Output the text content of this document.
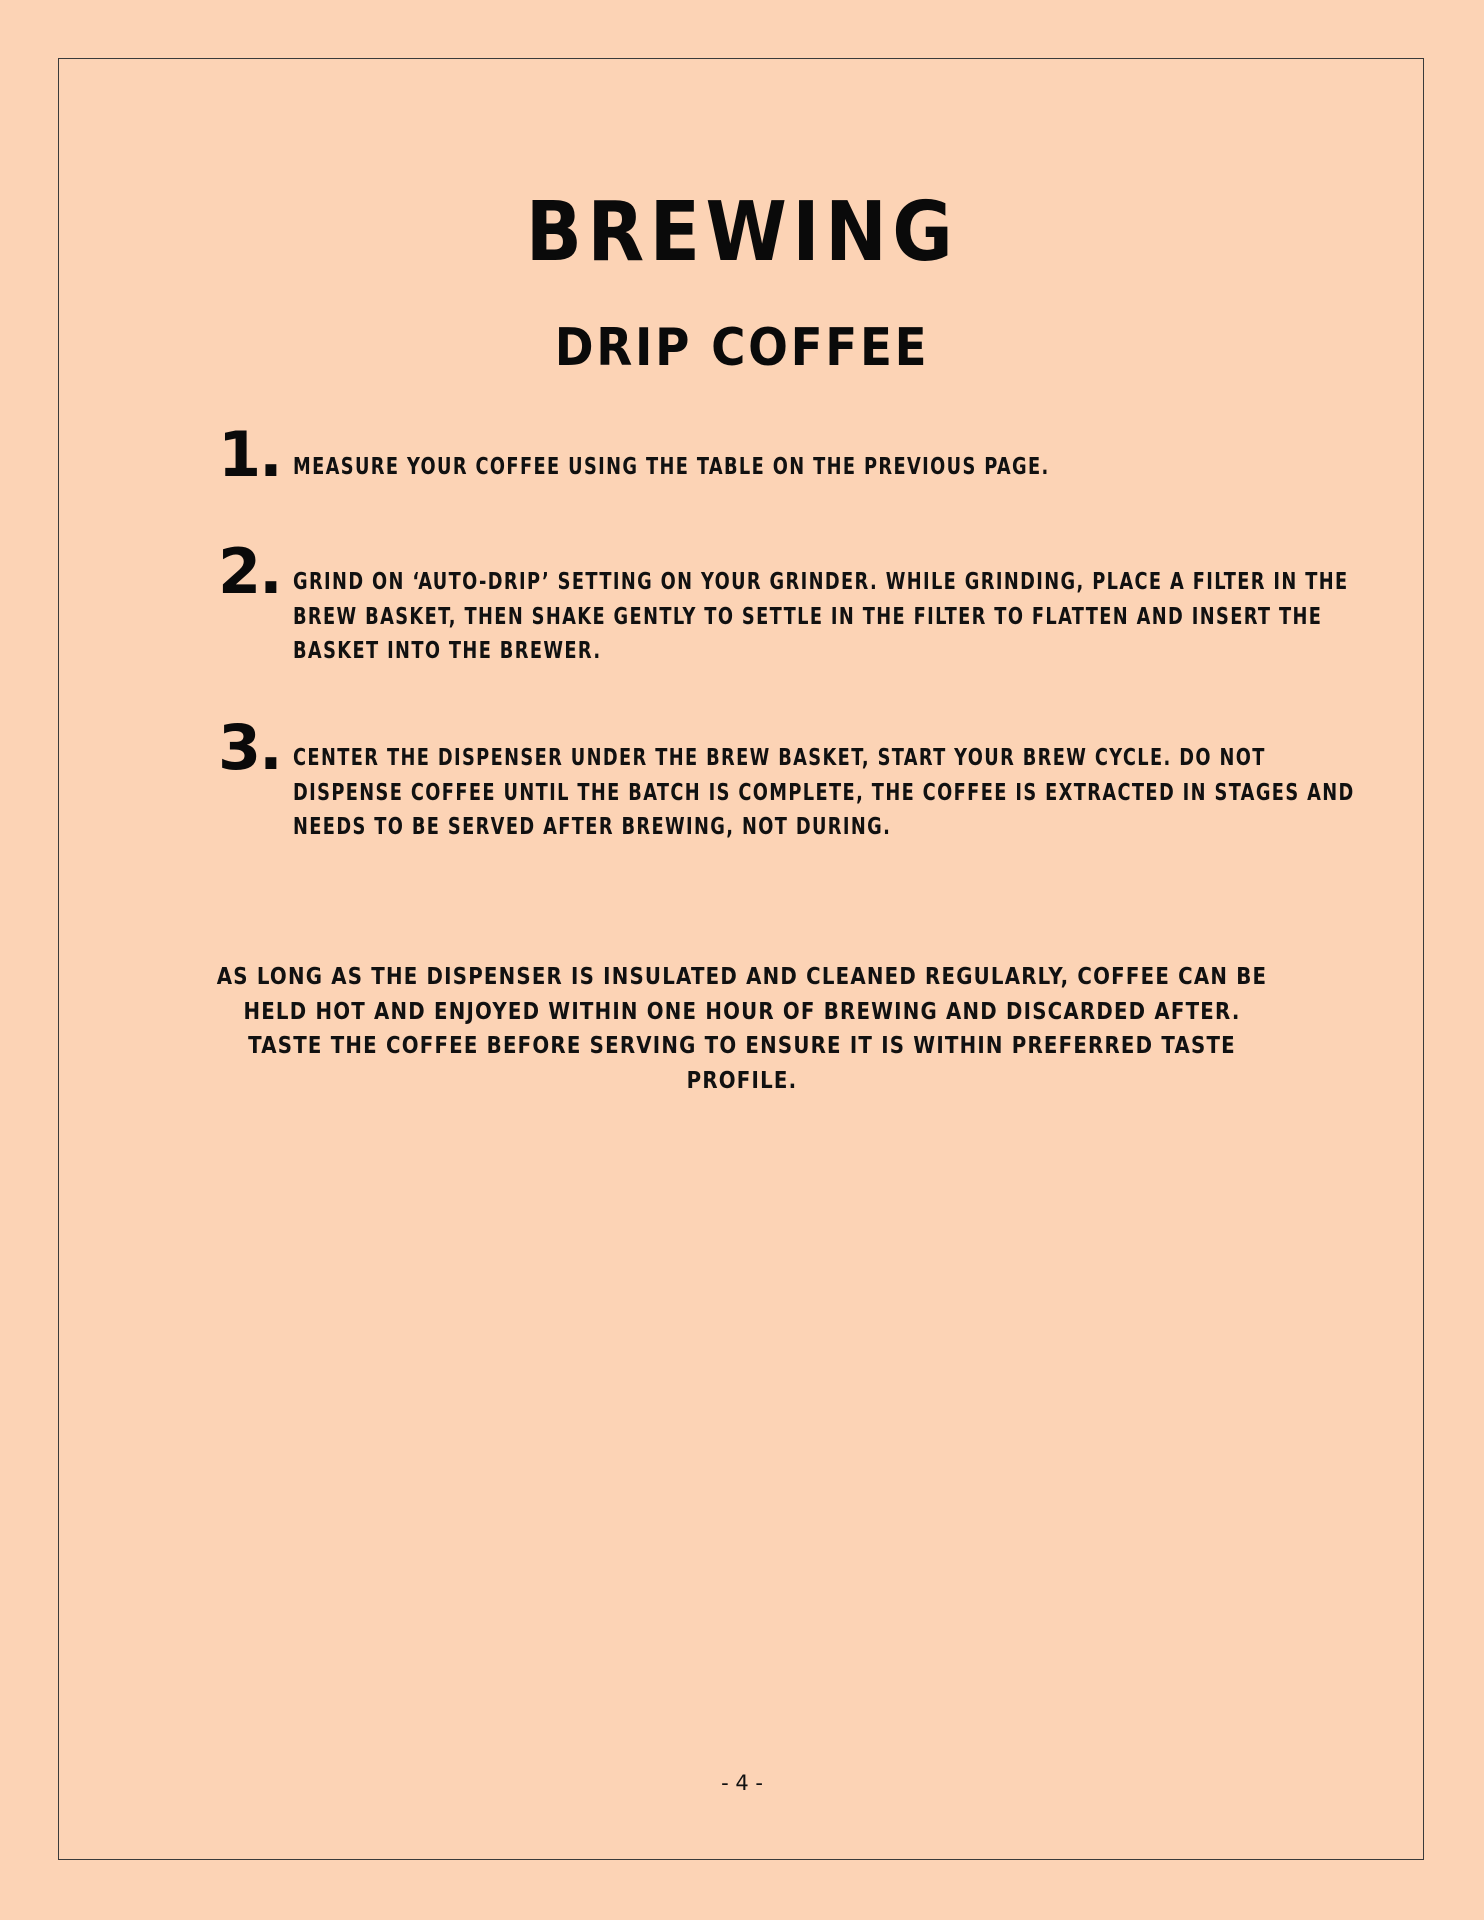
BREWING
DRIP COFFEE
1. MEASURE YOUR COFFEE USING THE TABLE ON THE PREVIOUS PAGE.
2. GRIND ON ‘AUTO-DRIP’ SETTING ON YOUR GRINDER. WHILE GRINDING, PLACE A FILTER IN THE BREW BASKET, THEN SHAKE GENTLY TO SETTLE IN THE FILTER TO FLATTEN AND INSERT THE BASKET INTO THE BREWER.
3. CENTER THE DISPENSER UNDER THE BREW BASKET, START YOUR BREW CYCLE. DO NOT DISPENSE COFFEE UNTIL THE BATCH IS COMPLETE, THE COFFEE IS EXTRACTED IN STAGES AND NEEDS TO BE SERVED AFTER BREWING, NOT DURING.

AS LONG AS THE DISPENSER IS INSULATED AND CLEANED REGULARLY, COFFEE CAN BE HELD HOT AND ENJOYED WITHIN ONE HOUR OF BREWING AND DISCARDED AFTER. TASTE THE COFFEE BEFORE SERVING TO ENSURE IT IS WITHIN PREFERRED TASTE PROFILE.

- 4 -
